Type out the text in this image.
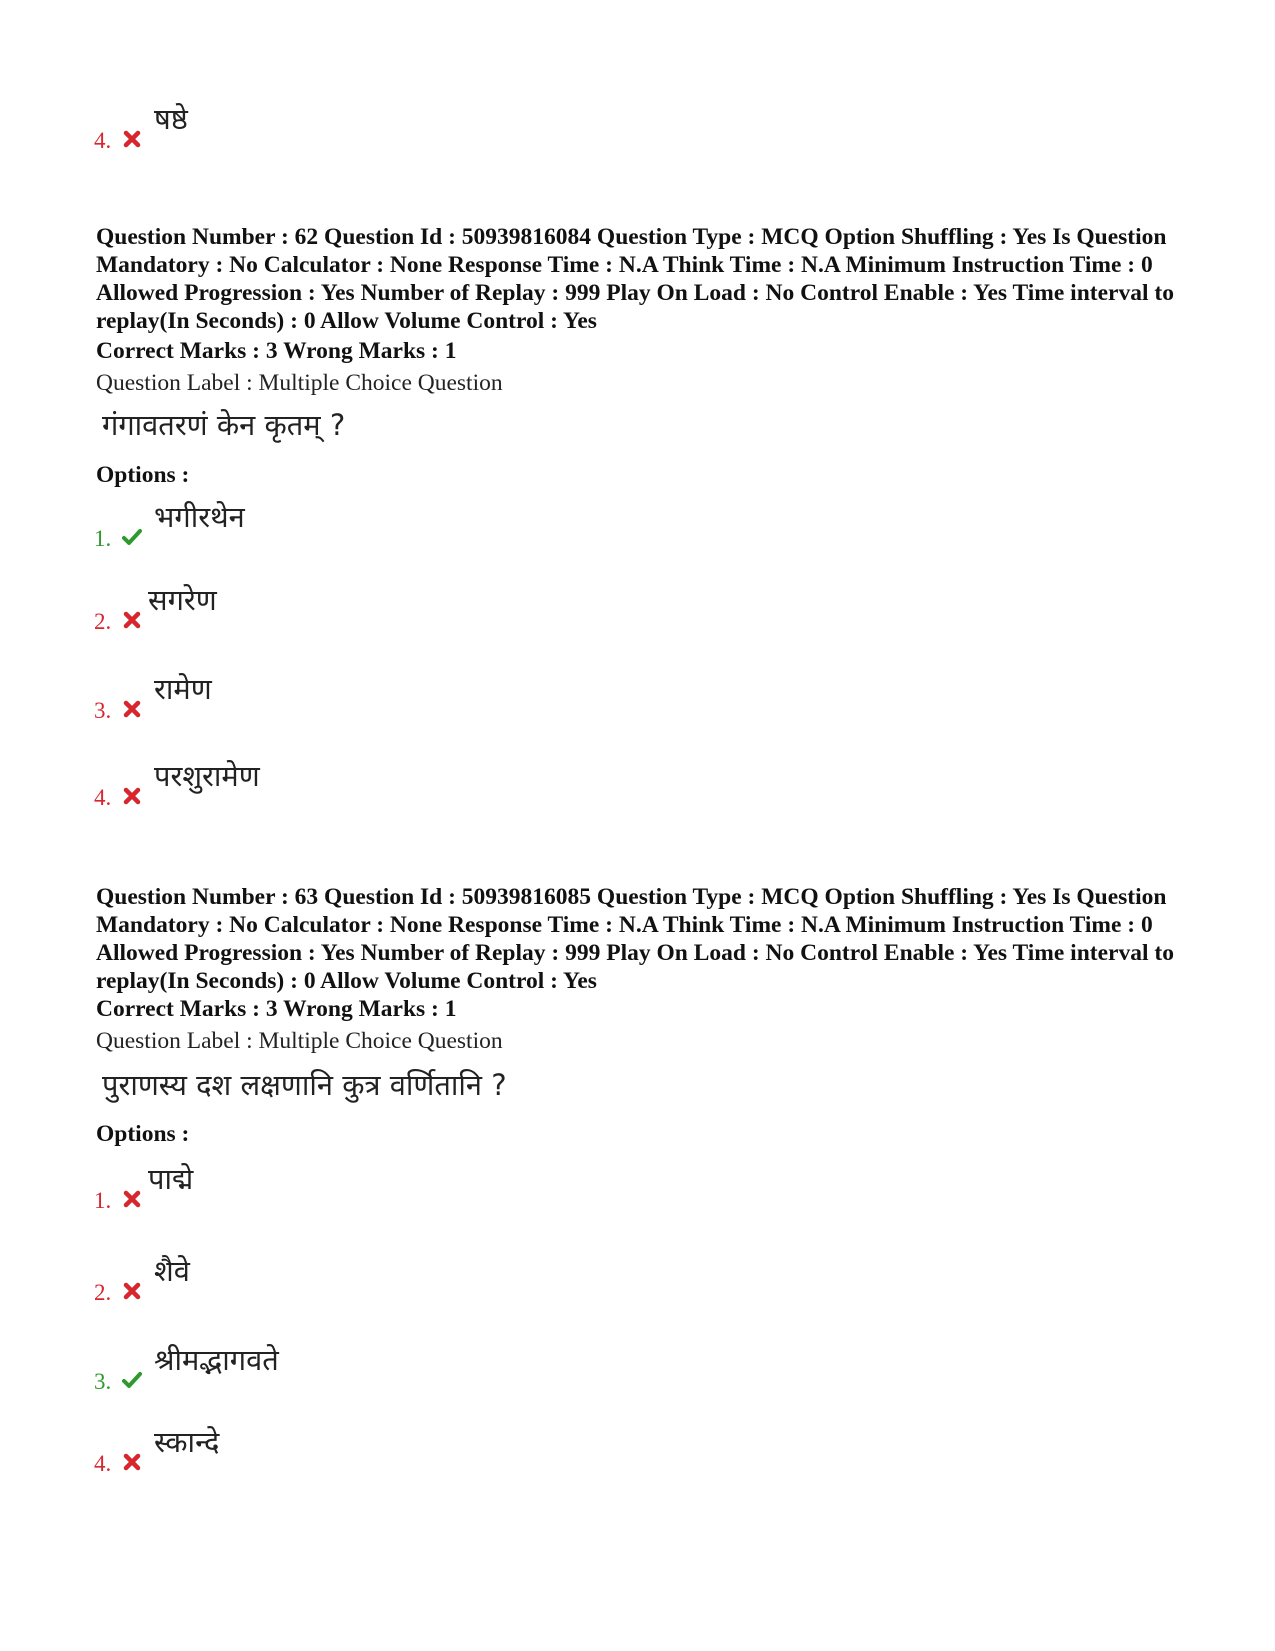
4.
षष्ठे
Question Number : 62 Question Id : 50939816084 Question Type : MCQ Option Shuffling : Yes Is Question Mandatory : No Calculator : None Response Time : N.A Think Time : N.A Minimum Instruction Time : 0 Allowed Progression : Yes Number of Replay : 999 Play On Load : No Control Enable : Yes Time interval to replay(In Seconds) : 0 Allow Volume Control : Yes
Correct Marks : 3 Wrong Marks : 1
Question Label : Multiple Choice Question
गंगावतरणं केन कृतम् ?
Options :
1.
भगीरथेन
2.
सगरेण
3.
रामेण
4.
परशुरामेण
Question Number : 63 Question Id : 50939816085 Question Type : MCQ Option Shuffling : Yes Is Question Mandatory : No Calculator : None Response Time : N.A Think Time : N.A Minimum Instruction Time : 0 Allowed Progression : Yes Number of Replay : 999 Play On Load : No Control Enable : Yes Time interval to replay(In Seconds) : 0 Allow Volume Control : Yes
Correct Marks : 3 Wrong Marks : 1
Question Label : Multiple Choice Question
पुराणस्य दश लक्षणानि कुत्र वर्णितानि ?
Options :
1.
पाद्मे
2.
शैवे
3.
श्रीमद्भागवते
4.
स्कान्दे
